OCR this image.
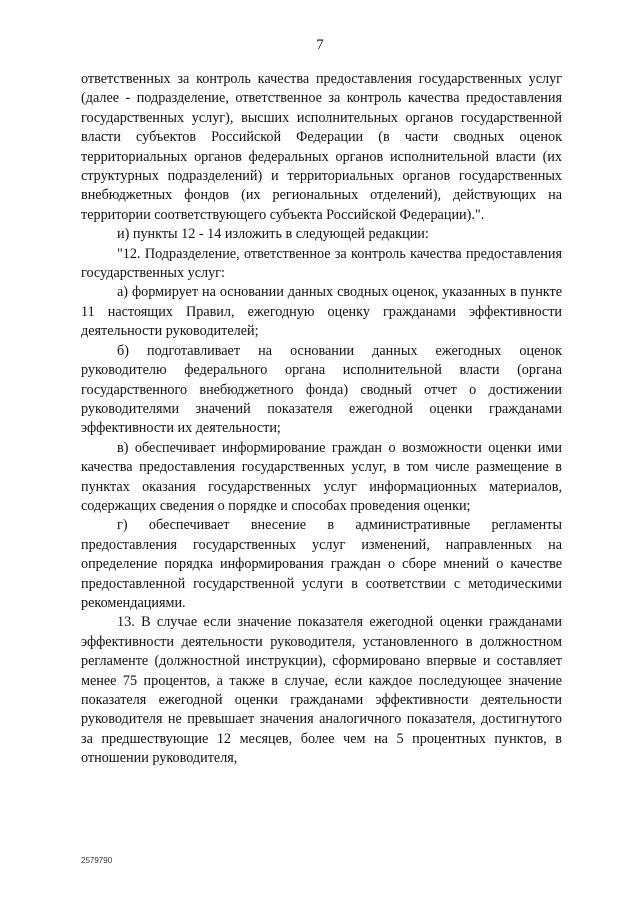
7

ответственных за контроль качества предоставления государственных услуг (далее - подразделение, ответственное за контроль качества предоставления государственных услуг), высших исполнительных органов государственной власти субъектов Российской Федерации (в части сводных оценок территориальных органов федеральных органов исполнительной власти (их структурных подразделений) и территориальных органов государственных внебюджетных фондов (их региональных отделений), действующих на территории соответствующего субъекта Российской Федерации).".

и) пункты 12 - 14 изложить в следующей редакции:

"12. Подразделение, ответственное за контроль качества предоставления государственных услуг:

а) формирует на основании данных сводных оценок, указанных в пункте 11 настоящих Правил, ежегодную оценку гражданами эффективности деятельности руководителей;

б) подготавливает на основании данных ежегодных оценок руководителю федерального органа исполнительной власти (органа государственного внебюджетного фонда) сводный отчет о достижении руководителями значений показателя ежегодной оценки гражданами эффективности их деятельности;

в) обеспечивает информирование граждан о возможности оценки ими качества предоставления государственных услуг, в том числе размещение в пунктах оказания государственных услуг информационных материалов, содержащих сведения о порядке и способах проведения оценки;

г) обеспечивает внесение в административные регламенты предоставления государственных услуг изменений, направленных на определение порядка информирования граждан о сборе мнений о качестве предоставленной государственной услуги в соответствии с методическими рекомендациями.

13. В случае если значение показателя ежегодной оценки гражданами эффективности деятельности руководителя, установленного в должностном регламенте (должностной инструкции), сформировано впервые и составляет менее 75 процентов, а также в случае, если каждое последующее значение показателя ежегодной оценки гражданами эффективности деятельности руководителя не превышает значения аналогичного показателя, достигнутого за предшествующие 12 месяцев, более чем на 5 процентных пунктов, в отношении руководителя,

2579790
